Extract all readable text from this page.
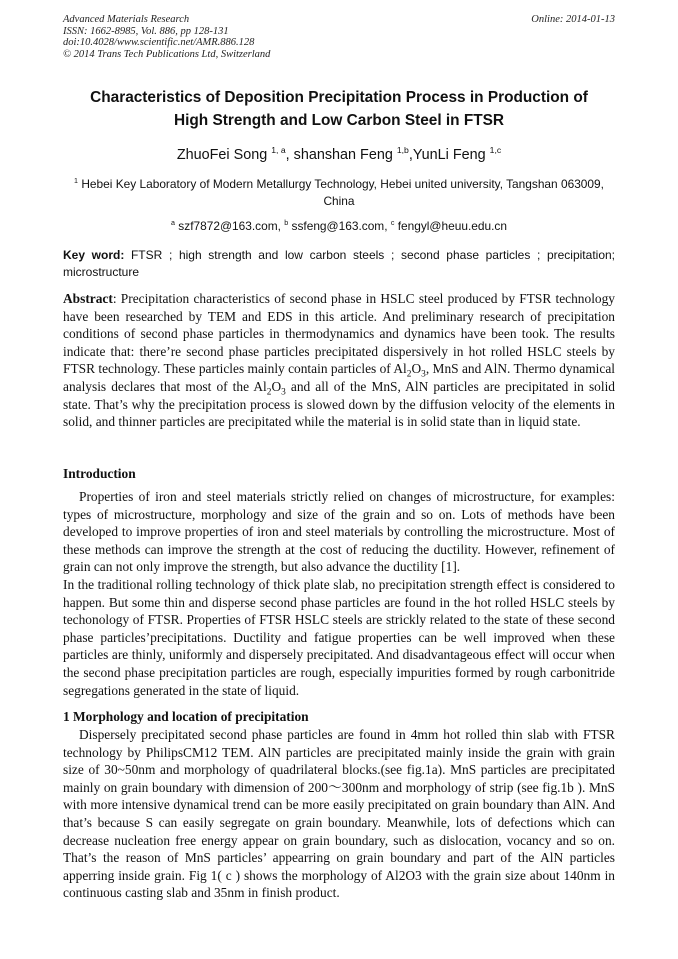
Advanced Materials Research
ISSN: 1662-8985, Vol. 886, pp 128-131
doi:10.4028/www.scientific.net/AMR.886.128
© 2014 Trans Tech Publications Ltd, Switzerland
Online: 2014-01-13
Characteristics of Deposition Precipitation Process in Production of
High Strength and Low Carbon Steel in FTSR
ZhuoFei Song $^{1, a}$, shanshan Feng $^{1,b}$,YunLi Feng $^{1,c}$
$^1$ Hebei Key Laboratory of Modern Metallurgy Technology, Hebei united university, Tangshan 063009, China
$^a$ szf7872@163.com, $^b$ ssfeng@163.com, $^c$ fengyl@heuu.edu.cn
Key word: FTSR ; high strength and low carbon steels ; second phase particles ; precipitation; microstructure
Abstract: Precipitation characteristics of second phase in HSLC steel produced by FTSR technology have been researched by TEM and EDS in this article. And preliminary research of precipitation conditions of second phase particles in thermodynamics and dynamics have been took. The results indicate that: there’re second phase particles precipitated dispersively in hot rolled HSLC steels by FTSR technology. These particles mainly contain particles of $Al_2O_3$, MnS and AlN. Thermo dynamical analysis declares that most of the $Al_2O_3$ and all of the MnS, AlN particles are precipitated in solid state. That’s why the precipitation process is slowed down by the diffusion velocity of the elements in solid, and thinner particles are precipitated while the material is in solid state than in liquid state.
Introduction

Properties of iron and steel materials strictly relied on changes of microstructure, for examples: types of microstructure, morphology and size of the grain and so on. Lots of methods have been developed to improve properties of iron and steel materials by controlling the microstructure. Most of these methods can improve the strength at the cost of reducing the ductility. However, refinement of grain can not only improve the strength, but also advance the ductility [1].

In the traditional rolling technology of thick plate slab, no precipitation strength effect is considered to happen. But some thin and disperse second phase particles are found in the hot rolled HSLC steels by techonology of FTSR. Properties of FTSR HSLC steels are strickly related to the state of these second phase particles’precipitations. Ductility and fatigue properties can be well improved when these particles are thinly, uniformly and dispersely precipitated. And disadvantageous effect will occur when the second phase precipitation particles are rough, especially impurities formed by rough carbonitride segregations generated in the state of liquid.

1 Morphology and location of precipitation

Dispersely precipitated second phase particles are found in 4mm hot rolled thin slab with FTSR technology by PhilipsCM12 TEM. AlN particles are precipitated mainly inside the grain with grain size of 30~50nm and morphology of quadrilateral blocks.(see fig.1a). MnS particles are precipitated mainly on grain boundary with dimension of 200～300nm and morphology of strip (see fig.1b ). MnS with more intensive dynamical trend can be more easily precipitated on grain boundary than AlN. And that’s because S can easily segregate on grain boundary. Meanwhile, lots of defections which can decrease nucleation free energy appear on grain boundary, such as dislocation, vocancy and so on. That’s the reason of MnS particles’ appearring on grain boundary and part of the AlN particles apperring inside grain. Fig 1( c ) shows the morphology of Al2O3 with the grain size about 140nm in continuous casting slab and 35nm in finish product.
